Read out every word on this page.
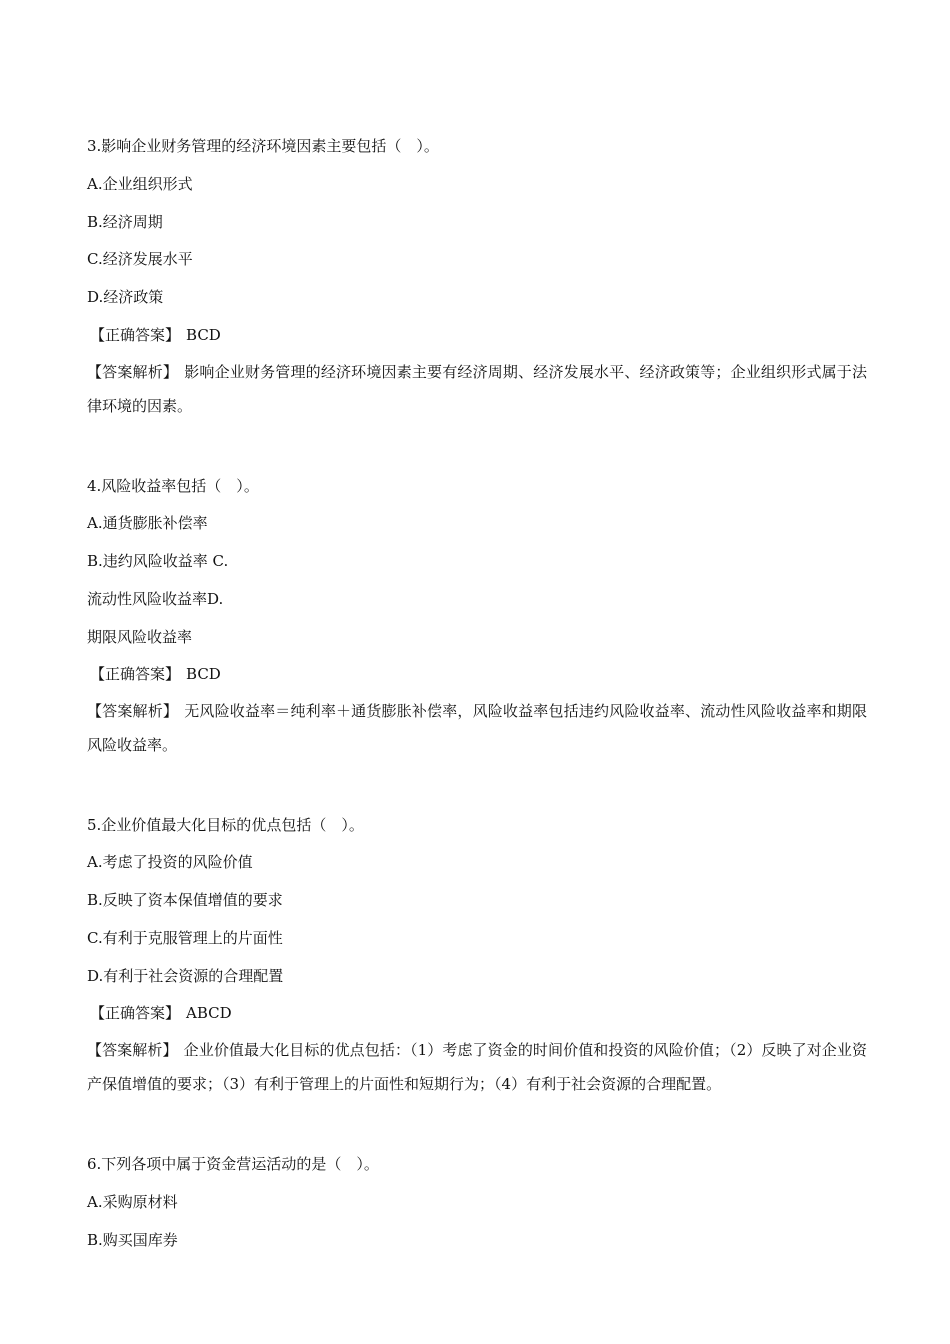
3.影响企业财务管理的经济环境因素主要包括（　）。
A.企业组织形式
B.经济周期
C.经济发展水平
D.经济政策
【正确答案】 BCD
【答案解析】 影响企业财务管理的经济环境因素主要有经济周期、经济发展水平、经济政策等；企业组织形式属于法律环境的因素。
4.风险收益率包括（　）。
A.通货膨胀补偿率
B.违约风险收益率 C.
流动性风险收益率D.
期限风险收益率
【正确答案】 BCD
【答案解析】 无风险收益率＝纯利率＋通货膨胀补偿率，风险收益率包括违约风险收益率、流动性风险收益率和期限风险收益率。
5.企业价值最大化目标的优点包括（　）。
A.考虑了投资的风险价值
B.反映了资本保值增值的要求
C.有利于克服管理上的片面性
D.有利于社会资源的合理配置
【正确答案】 ABCD
【答案解析】 企业价值最大化目标的优点包括：（1）考虑了资金的时间价值和投资的风险价值；（2）反映了对企业资产保值增值的要求；（3）有利于管理上的片面性和短期行为；（4）有利于社会资源的合理配置。
6.下列各项中属于资金营运活动的是（　）。
A.采购原材料
B.购买国库券
